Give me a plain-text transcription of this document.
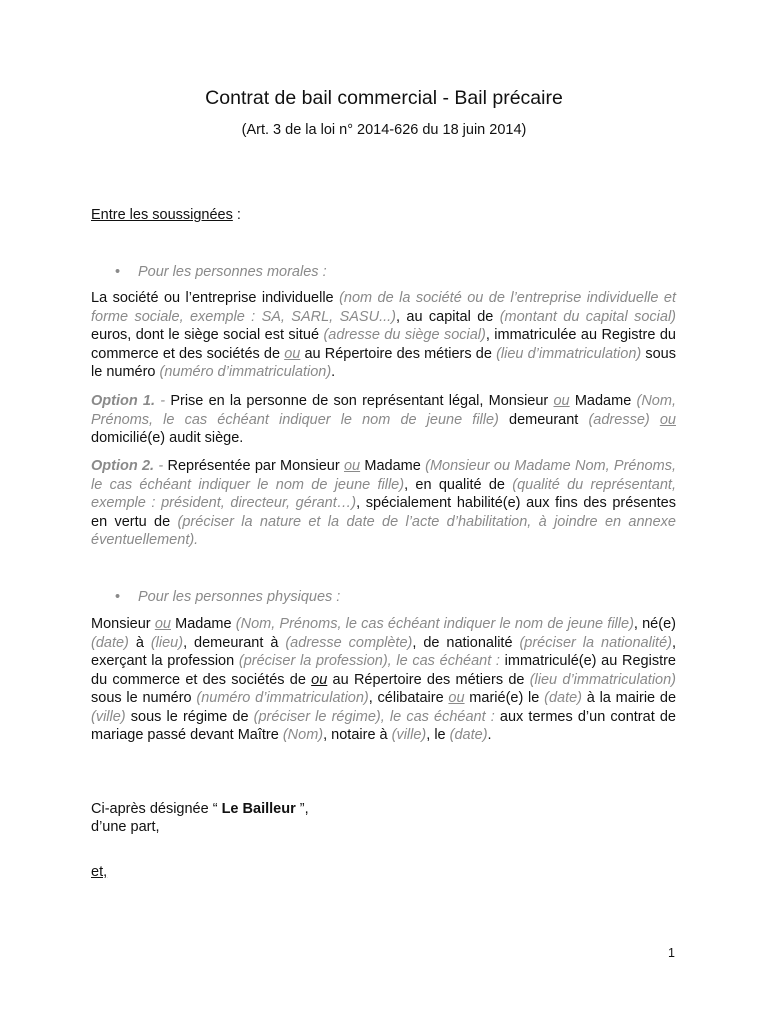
Contrat de bail commercial - Bail précaire

(Art. 3 de la loi n° 2014-626 du 18 juin 2014)

Entre les soussignées :

• Pour les personnes morales :

La société ou l’entreprise individuelle (nom de la société ou de l’entreprise individuelle et forme sociale, exemple : SA, SARL, SASU...), au capital de (montant du capital social) euros, dont le siège social est situé (adresse du siège social), immatriculée au Registre du commerce et des sociétés de ou au Répertoire des métiers de (lieu d’immatriculation) sous le numéro (numéro d’immatriculation).

Option 1. - Prise en la personne de son représentant légal, Monsieur ou Madame (Nom, Prénoms, le cas échéant indiquer le nom de jeune fille) demeurant (adresse) ou domicilié(e) audit siège.

Option 2. - Représentée par Monsieur ou Madame (Monsieur ou Madame Nom, Prénoms, le cas échéant indiquer le nom de jeune fille), en qualité de (qualité du représentant, exemple : président, directeur, gérant…), spécialement habilité(e) aux fins des présentes en vertu de (préciser la nature et la date de l’acte d’habilitation, à joindre en annexe éventuellement).

• Pour les personnes physiques :

Monsieur ou Madame (Nom, Prénoms, le cas échéant indiquer le nom de jeune fille), né(e) (date) à (lieu), demeurant à (adresse complète), de nationalité (préciser la nationalité), exerçant la profession (préciser la profession), le cas échéant : immatriculé(e) au Registre du commerce et des sociétés de ou au Répertoire des métiers de (lieu d’immatriculation) sous le numéro (numéro d’immatriculation), célibataire ou marié(e) le (date) à la mairie de (ville) sous le régime de (préciser le régime), le cas échéant : aux termes d’un contrat de mariage passé devant Maître (Nom), notaire à (ville), le (date).

Ci-après désignée “ Le Bailleur ”,
d’une part,

et,

1
